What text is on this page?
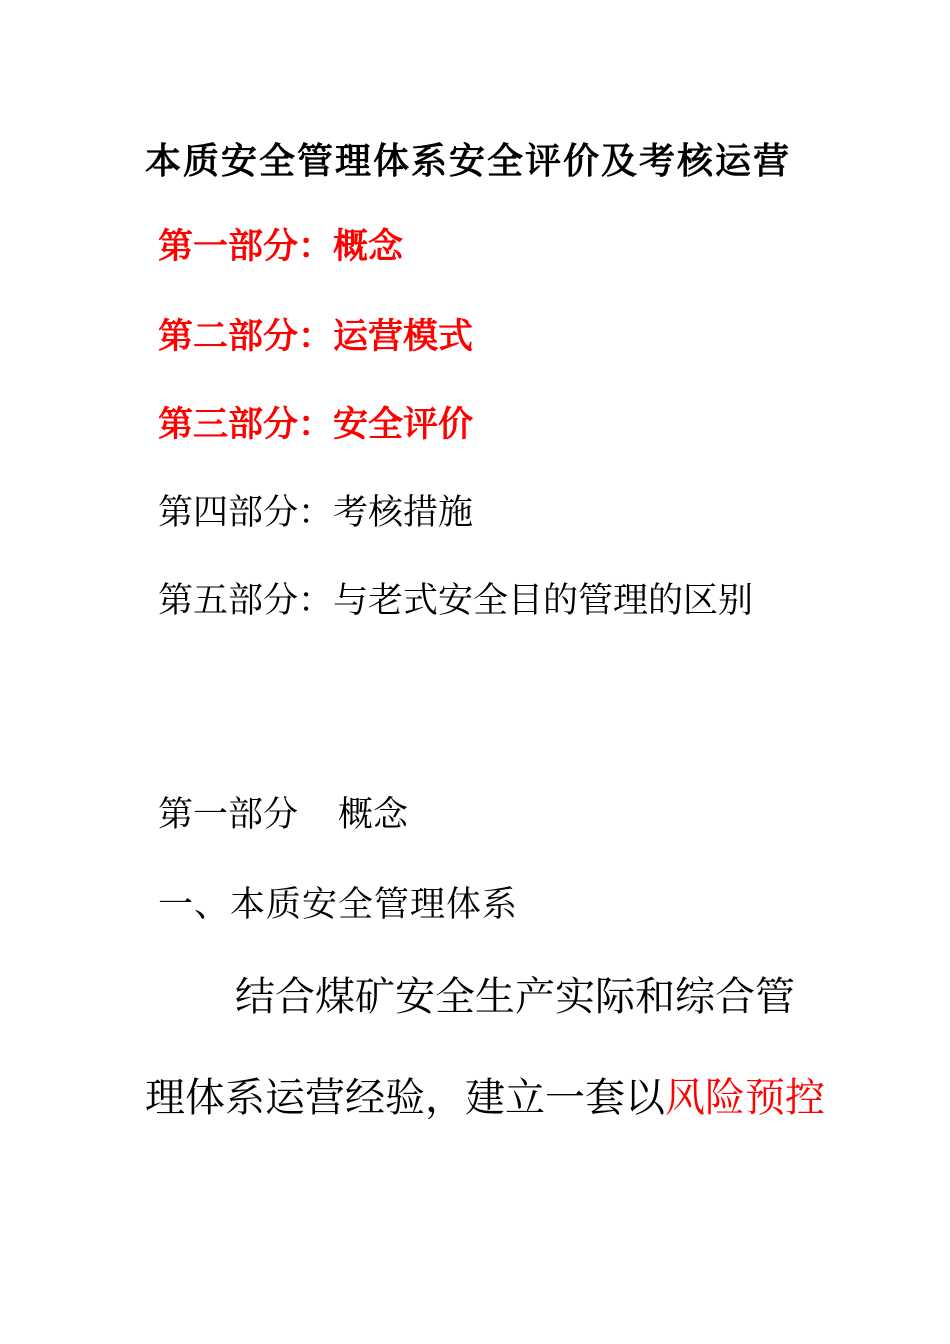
本质安全管理体系安全评价及考核运营
第一部分：概念
第二部分：运营模式
第三部分：安全评价
第四部分：考核措施
第五部分：与老式安全目的管理的区别
第一部分 概念
一、本质安全管理体系
结合煤矿安全生产实际和综合管
理体系运营经验，建立一套以风险预控
